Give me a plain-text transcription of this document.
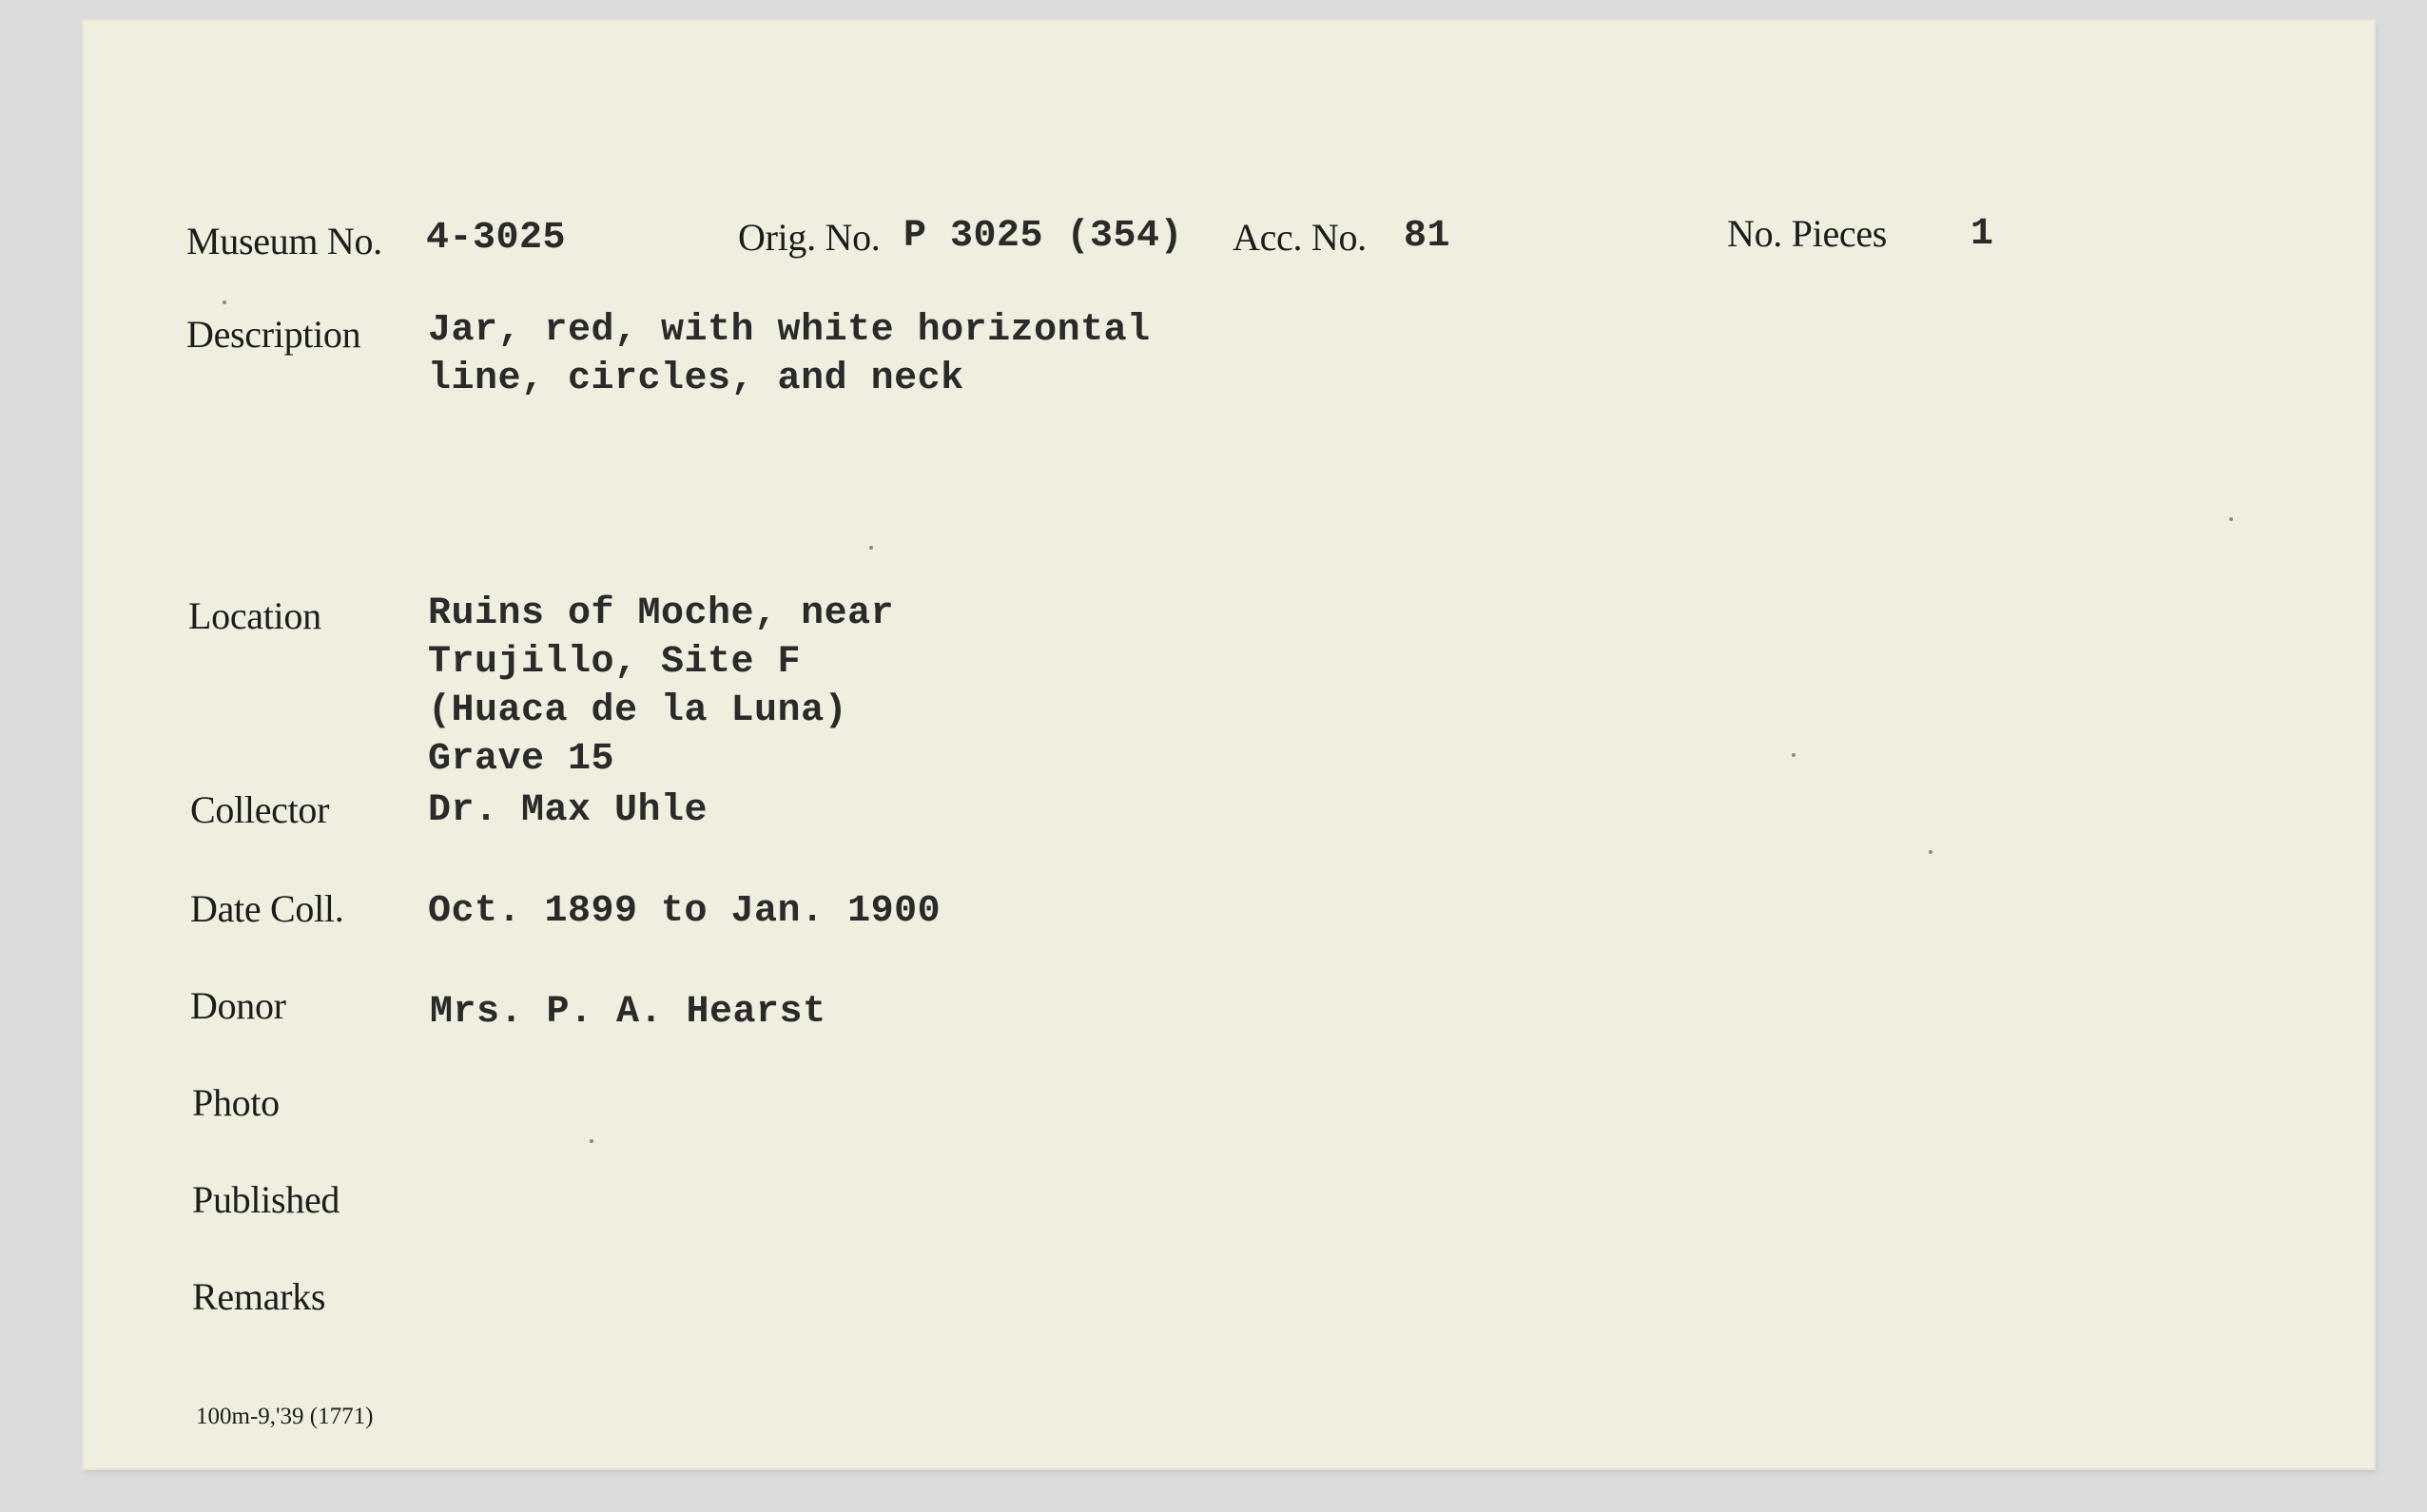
Museum No. 4-3025	Orig. No. P 3025 (354) Acc. No. 81	No. Pieces 1
Description Jar, red, with white horizontal
line, circles, and neck
Location	Ruins of Moche, near
Trujillo, Site F
(Huaca de la Luna)
Grave 15
Collector	Dr. Max Uhle
Date Coll. Oct. 1899 to Jan. 1900
Donor	Mrs. P. A. Hearst
Photo
Published
Remarks
100m-9,'39 (1771)
